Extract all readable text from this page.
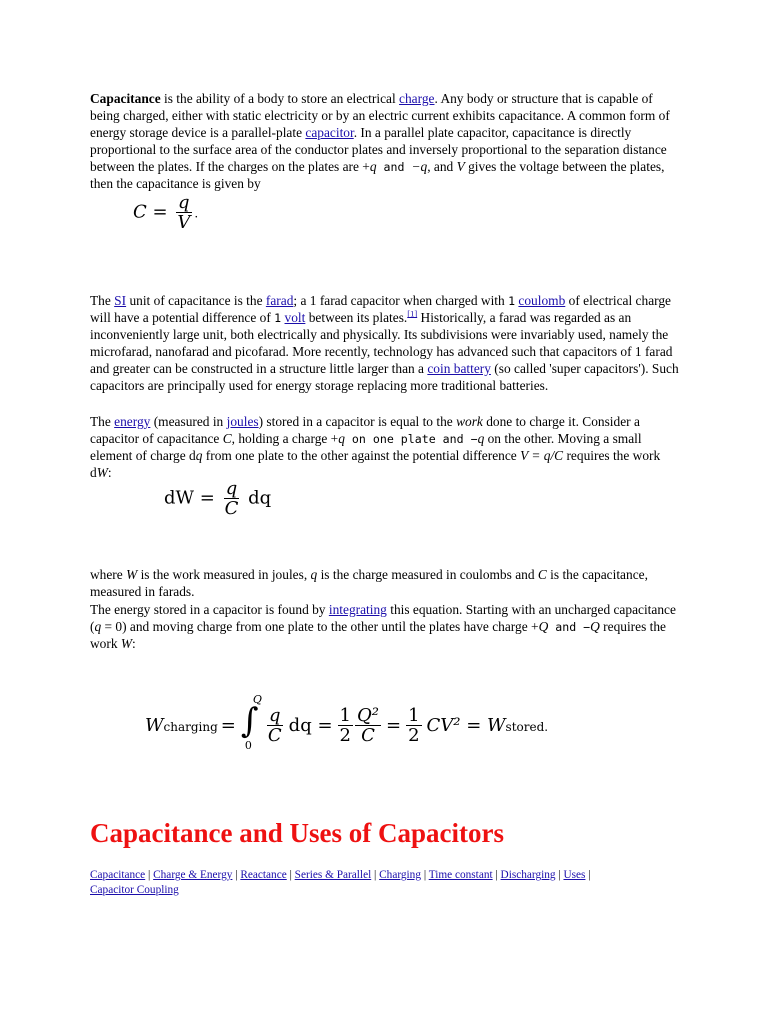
Capacitance is the ability of a body to store an electrical charge. Any body or structure that is capable of being charged, either with static electricity or by an electric current exhibits capacitance. A common form of energy storage device is a parallel-plate capacitor. In a parallel plate capacitor, capacitance is directly proportional to the surface area of the conductor plates and inversely proportional to the separation distance between the plates. If the charges on the plates are +q and −q, and V gives the voltage between the plates, then the capacitance is given by

$C = \frac{q}{V}$ .

The SI unit of capacitance is the farad; a 1 farad capacitor when charged with 1 coulomb of electrical charge will have a potential difference of 1 volt between its plates.[1] Historically, a farad was regarded as an inconveniently large unit, both electrically and physically. Its subdivisions were invariably used, namely the microfarad, nanofarad and picofarad. More recently, technology has advanced such that capacitors of 1 farad and greater can be constructed in a structure little larger than a coin battery (so called 'super capacitors'). Such capacitors are principally used for energy storage replacing more traditional batteries.

The energy (measured in joules) stored in a capacitor is equal to the work done to charge it. Consider a capacitor of capacitance C, holding a charge +q on one plate and −q on the other. Moving a small element of charge dq from one plate to the other against the potential difference V = q/C requires the work dW:

dW = $\frac{q}{C}$ dq

where W is the work measured in joules, q is the charge measured in coulombs and C is the capacitance, measured in farads.

The energy stored in a capacitor is found by integrating this equation. Starting with an uncharged capacitance (q = 0) and moving charge from one plate to the other until the plates have charge +Q and −Q requires the work W:

Wcharging = ∫
Q
0
$\frac{q}{C}$ dq = $\frac{1}{2} \frac{\text{Q²}}{C} = \frac{1}{2} CV^2$ = Wstored.
Capacitance and Uses of Capacitors
Capacitance | Charge & Energy | Reactance | Series & Parallel | Charging | Time constant | Discharging | Uses |
Capacitor Coupling
